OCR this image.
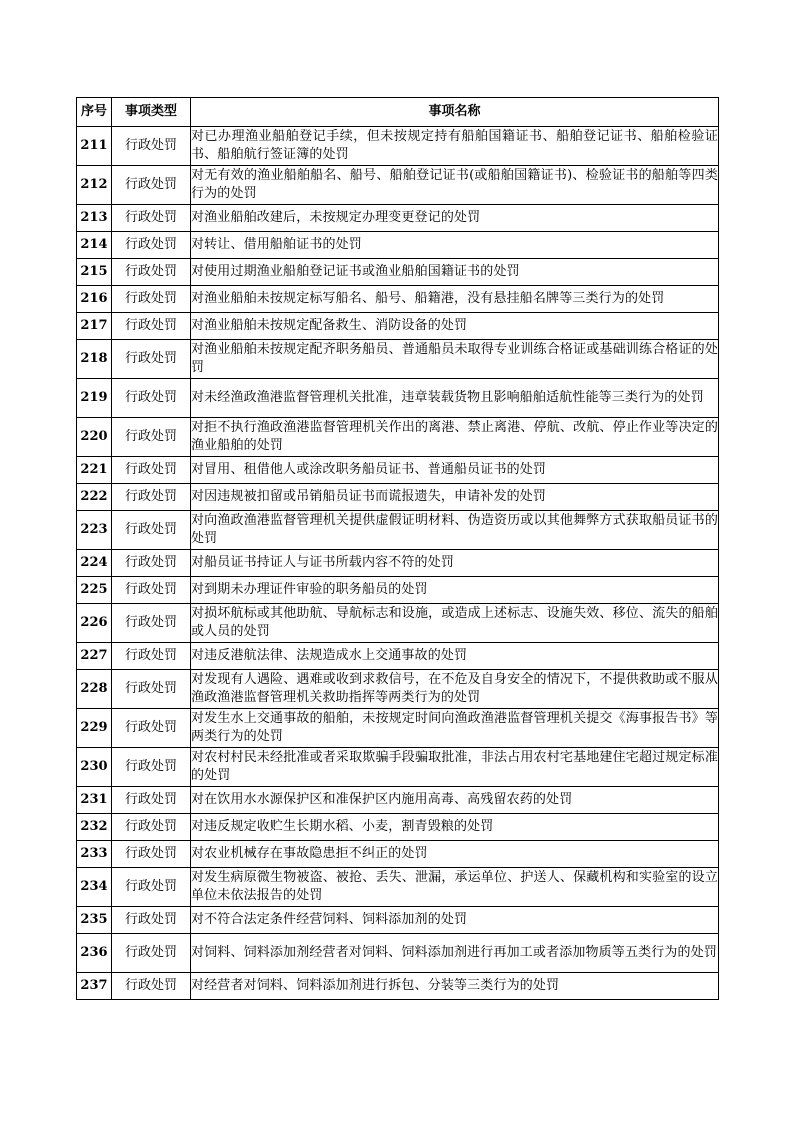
序号	事项类型	事项名称
211	行政处罚	对已办理渔业船舶登记手续，但未按规定持有船舶国籍证书、船舶登记证书、船舶检验证书、船舶航行签证簿的处罚
212	行政处罚	对无有效的渔业船舶船名、船号、船舶登记证书(或船舶国籍证书)、检验证书的船舶等四类行为的处罚
213	行政处罚	对渔业船舶改建后，未按规定办理变更登记的处罚
214	行政处罚	对转让、借用船舶证书的处罚
215	行政处罚	对使用过期渔业船舶登记证书或渔业船舶国籍证书的处罚
216	行政处罚	对渔业船舶未按规定标写船名、船号、船籍港，没有悬挂船名牌等三类行为的处罚
217	行政处罚	对渔业船舶未按规定配备救生、消防设备的处罚
218	行政处罚	对渔业船舶未按规定配齐职务船员、普通船员未取得专业训练合格证或基础训练合格证的处罚
219	行政处罚	对未经渔政渔港监督管理机关批准，违章装载货物且影响船舶适航性能等三类行为的处罚
220	行政处罚	对拒不执行渔政渔港监督管理机关作出的离港、禁止离港、停航、改航、停止作业等决定的渔业船舶的处罚
221	行政处罚	对冒用、租借他人或涂改职务船员证书、普通船员证书的处罚
222	行政处罚	对因违规被扣留或吊销船员证书而谎报遗失，申请补发的处罚
223	行政处罚	对向渔政渔港监督管理机关提供虚假证明材料、伪造资历或以其他舞弊方式获取船员证书的处罚
224	行政处罚	对船员证书持证人与证书所载内容不符的处罚
225	行政处罚	对到期未办理证件审验的职务船员的处罚
226	行政处罚	对损坏航标或其他助航、导航标志和设施，或造成上述标志、设施失效、移位、流失的船舶或人员的处罚
227	行政处罚	对违反港航法律、法规造成水上交通事故的处罚
228	行政处罚	对发现有人遇险、遇难或收到求救信号，在不危及自身安全的情况下，不提供救助或不服从渔政渔港监督管理机关救助指挥等两类行为的处罚
229	行政处罚	对发生水上交通事故的船舶，未按规定时间向渔政渔港监督管理机关提交《海事报告书》等两类行为的处罚
230	行政处罚	对农村村民未经批准或者采取欺骗手段骗取批准，非法占用农村宅基地建住宅超过规定标准的处罚
231	行政处罚	对在饮用水水源保护区和准保护区内施用高毒、高残留农药的处罚
232	行政处罚	对违反规定收贮生长期水稻、小麦，割青毁粮的处罚
233	行政处罚	对农业机械存在事故隐患拒不纠正的处罚
234	行政处罚	对发生病原微生物被盗、被抢、丢失、泄漏，承运单位、护送人、保藏机构和实验室的设立单位未依法报告的处罚
235	行政处罚	对不符合法定条件经营饲料、饲料添加剂的处罚
236	行政处罚	对饲料、饲料添加剂经营者对饲料、饲料添加剂进行再加工或者添加物质等五类行为的处罚
237	行政处罚	对经营者对饲料、饲料添加剂进行拆包、分装等三类行为的处罚
